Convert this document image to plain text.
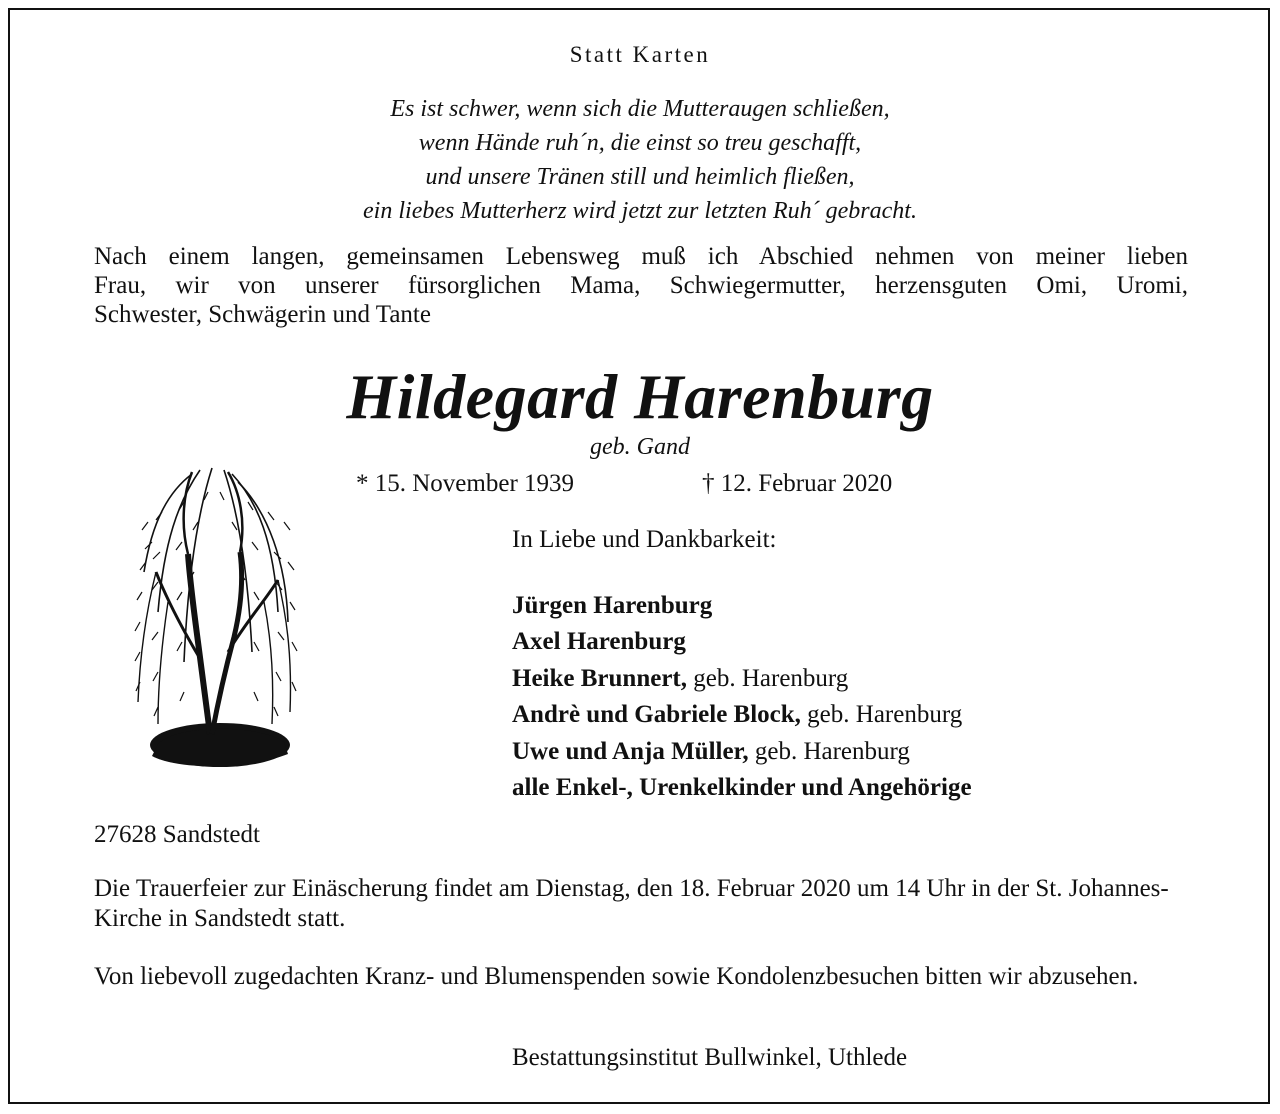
Statt Karten
Es ist schwer, wenn sich die Mutteraugen schließen,
wenn Hände ruh´n, die einst so treu geschafft,
und unsere Tränen still und heimlich fließen,
ein liebes Mutterherz wird jetzt zur letzten Ruh´ gebracht.
Nach einem langen, gemeinsamen Lebensweg muß ich Abschied nehmen von meiner lieben
Frau, wir von unserer fürsorglichen Mama, Schwiegermutter, herzensguten Omi, Uromi,
Schwester, Schwägerin und Tante
Hildegard Harenburg
geb. Gand
* 15. November 1939	† 12. Februar 2020
In Liebe und Dankbarkeit:
Jürgen Harenburg
Axel Harenburg
Heike Brunnert, geb. Harenburg
Andrè und Gabriele Block, geb. Harenburg
Uwe und Anja Müller, geb. Harenburg
alle Enkel-, Urenkelkinder und Angehörige
27628 Sandstedt
Die Trauerfeier zur Einäscherung findet am Dienstag, den 18. Februar 2020 um 14 Uhr in der St. Johannes-Kirche in Sandstedt statt.
Von liebevoll zugedachten Kranz- und Blumenspenden sowie Kondolenzbesuchen bitten wir abzusehen.
Bestattungsinstitut Bullwinkel, Uthlede
